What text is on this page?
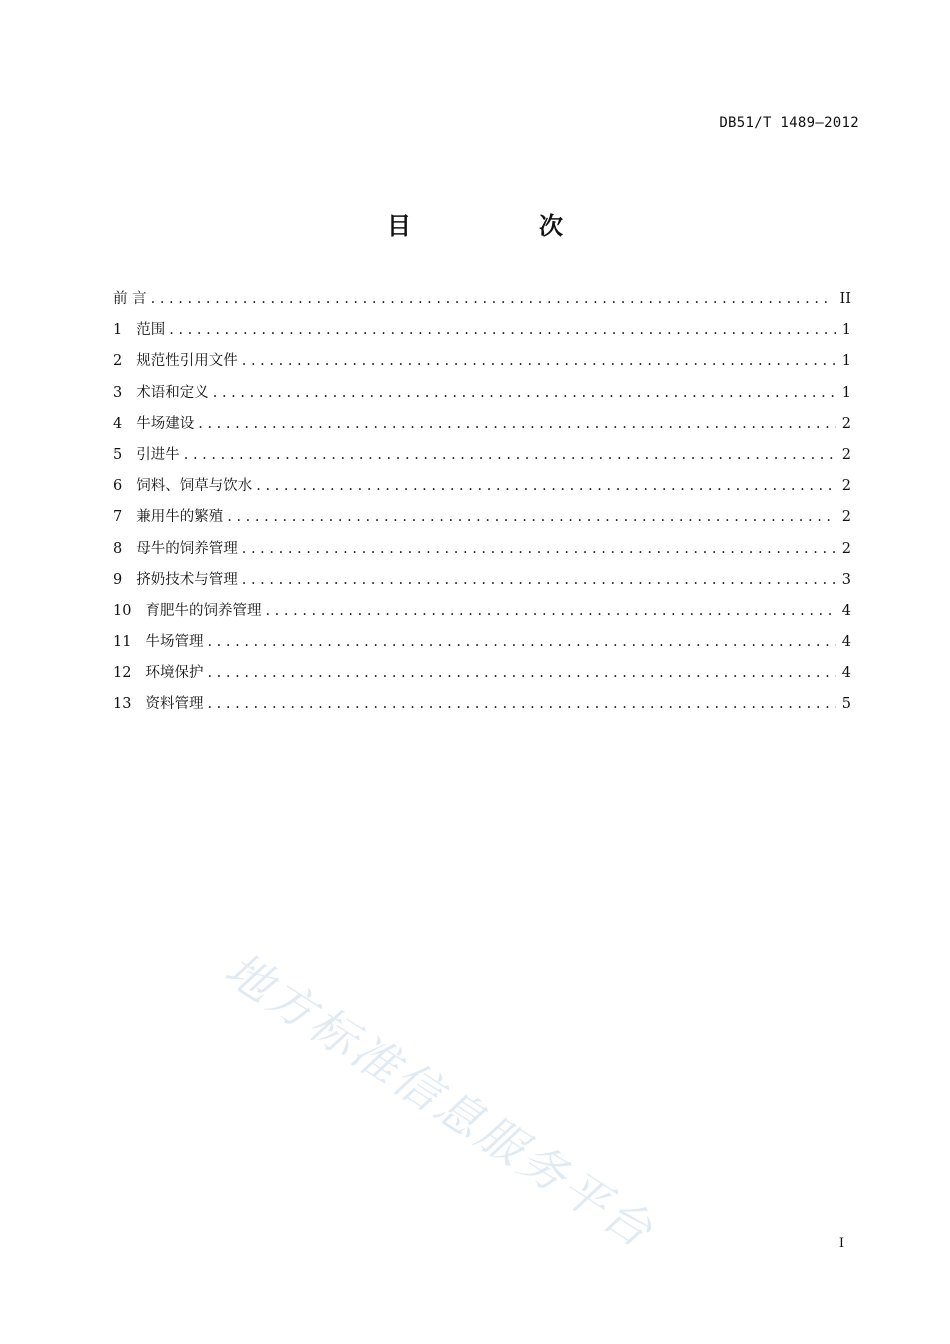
DB51/T 1489—2012
目　次
前 言 . . .	II
1 范围 . . .	1
2 规范性引用文件 . . .	1
3 术语和定义 . . .	1
4 牛场建设 . . .	2
5 引进牛 . . .	2
6 饲料、饲草与饮水 . . .	2
7 兼用牛的繁殖 . . .	2
8 母牛的饲养管理 . . .	2
9 挤奶技术与管理 . . .	3
10 育肥牛的饲养管理 . . .	4
11 牛场管理 . . .	4
12 环境保护 . . .	4
13 资料管理 . . .	5
地方标准信息服务平台	I
